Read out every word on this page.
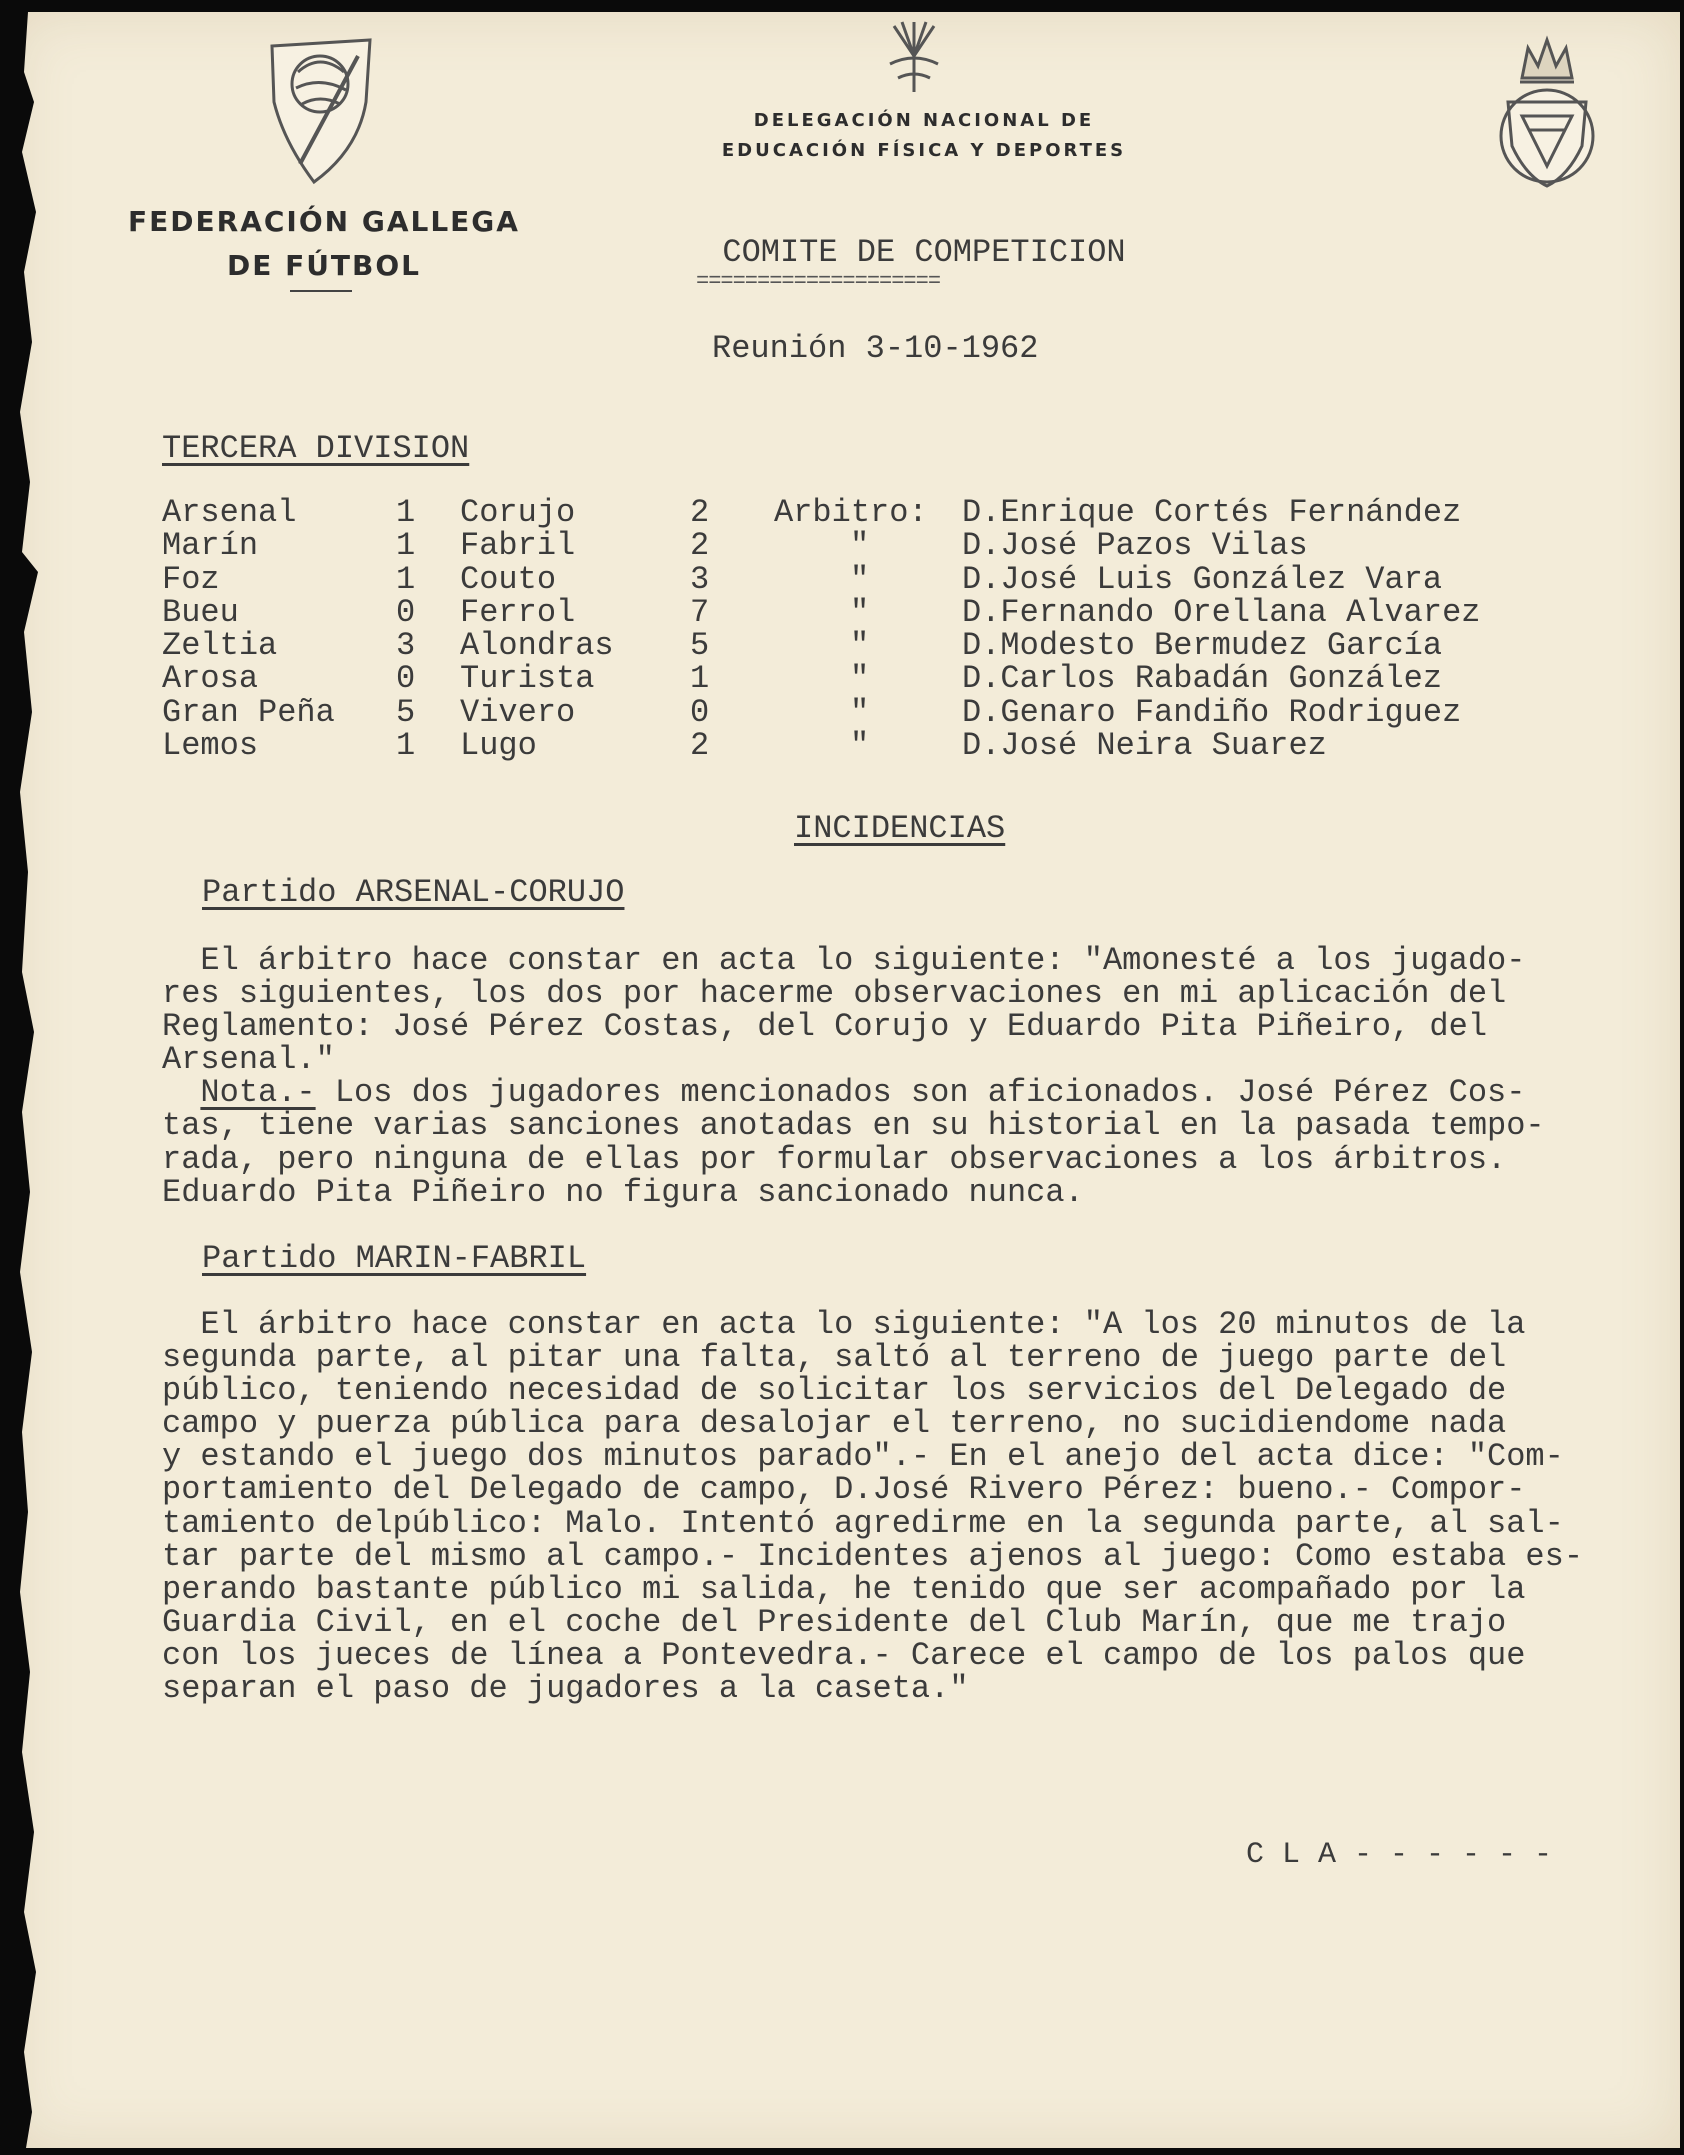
FEDERACIÓN GALLEGA
DE FÚTBOL
DELEGACIÓN NACIONAL DE
EDUCACIÓN FÍSICA Y DEPORTES
COMITE DE COMPETICION
====================
Reunión 3-10-1962
TERCERA DIVISION
Arsenal	1 Corujo	2 Arbitro: D.Enrique Cortés Fernández
Marín	1 Fabril	2	"	D.José Pazos Vilas
Foz	1 Couto	3	"	D.José Luis González Vara
Bueu	0 Ferrol	7	"	D.Fernando Orellana Alvarez
Zeltia	3 Alondras 5	"	D.Modesto Bermudez García
Arosa	0 Turista	1	"	D.Carlos Rabadán González
Gran Peña 5 Vivero	0	"	D.Genaro Fandiño Rodriguez
Lemos	1 Lugo	2	"	D.José Neira Suarez
INCIDENCIAS
Partido ARSENAL-CORUJO
El árbitro hace constar en acta lo siguiente: "Amonesté a los jugado-
res siguientes, los dos por hacerme observaciones en mi aplicación del
Reglamento: José Pérez Costas, del Corujo y Eduardo Pita Piñeiro, del
Arsenal."
Nota.- Los dos jugadores mencionados son aficionados. José Pérez Cos-
tas, tiene varias sanciones anotadas en su historial en la pasada tempo-
rada, pero ninguna de ellas por formular observaciones a los árbitros.
Eduardo Pita Piñeiro no figura sancionado nunca.
Partido MARIN-FABRIL
El árbitro hace constar en acta lo siguiente: "A los 20 minutos de la
segunda parte, al pitar una falta, saltó al terreno de juego parte del
público, teniendo necesidad de solicitar los servicios del Delegado de
campo y puerza pública para desalojar el terreno, no sucidiendome nada
y estando el juego dos minutos parado".- En el anejo del acta dice: "Com-
portamiento del Delegado de campo, D.José Rivero Pérez: bueno.- Compor-
tamiento delpúblico: Malo. Intentó agredirme en la segunda parte, al sal-
tar parte del mismo al campo.- Incidentes ajenos al juego: Como estaba es-
perando bastante público mi salida, he tenido que ser acompañado por la
Guardia Civil, en el coche del Presidente del Club Marín, que me trajo
con los jueces de línea a Pontevedra.- Carece el campo de los palos que
separan el paso de jugadores a la caseta."
C L A - - - - - -
